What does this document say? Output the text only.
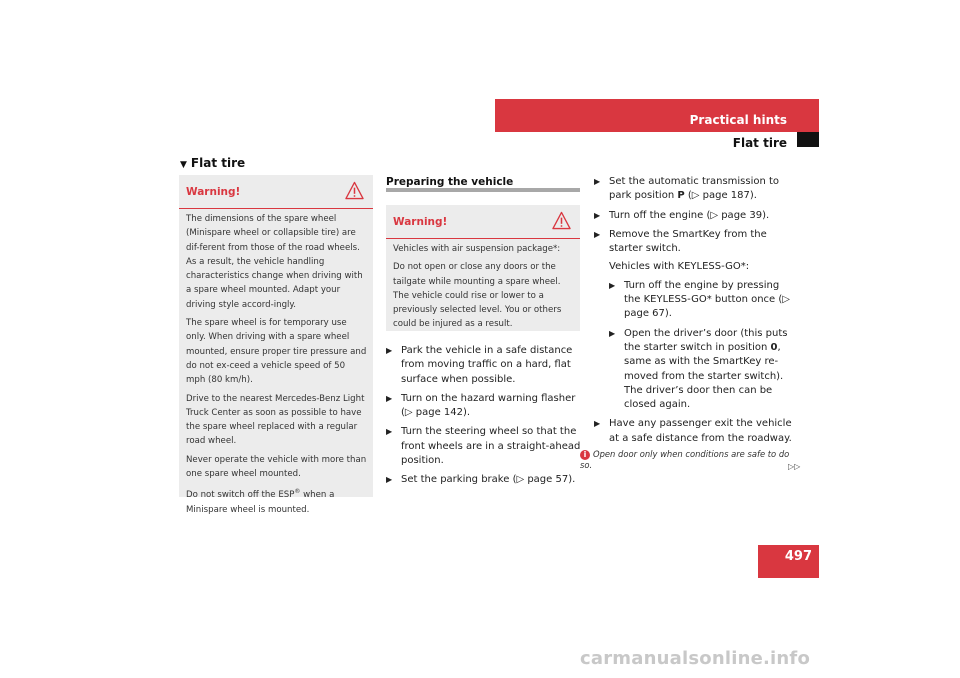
Practical hints
Flat tire
▼ Flat tire
Warning!

The dimensions of the spare wheel (Minispare wheel or collapsible tire) are dif-ferent from those of the road wheels. As a result, the vehicle handling characteristics change when driving with a spare wheel mounted. Adapt your driving style accord-ingly.

The spare wheel is for temporary use only. When driving with a spare wheel mounted, ensure proper tire pressure and do not ex-ceed a vehicle speed of 50 mph (80 km/h).

Drive to the nearest Mercedes-Benz Light Truck Center as soon as possible to have the spare wheel replaced with a regular road wheel.

Never operate the vehicle with more than one spare wheel mounted.

Do not switch off the ESP® when a Minispare wheel is mounted.

Preparing the vehicle
Warning!

Vehicles with air suspension package*:

Do not open or close any doors or the tailgate while mounting a spare wheel. The vehicle could rise or lower to a previously selected level. You or others could be injured as a result.

▶ Park the vehicle in a safe distance from moving traffic on a hard, flat surface when possible.
▶ Turn on the hazard warning flasher (▷ page 142).
▶ Turn the steering wheel so that the front wheels are in a straight-ahead position.
▶ Set the parking brake (▷ page 57).
▶ Set the automatic transmission to park position P (▷ page 187).
▶ Turn off the engine (▷ page 39).
▶ Remove the SmartKey from the starter switch.
Vehicles with KEYLESS-GO*:
▶ Turn off the engine by pressing the KEYLESS-GO* button once (▷ page 67).
▶ Open the driver’s door (this puts the starter switch in position 0, same as with the SmartKey re-moved from the starter switch). The driver’s door then can be closed again.
▶ Have any passenger exit the vehicle at a safe distance from the roadway.
i Open door only when conditions are safe to do so.	▷▷
497
carmanualsonline.info
